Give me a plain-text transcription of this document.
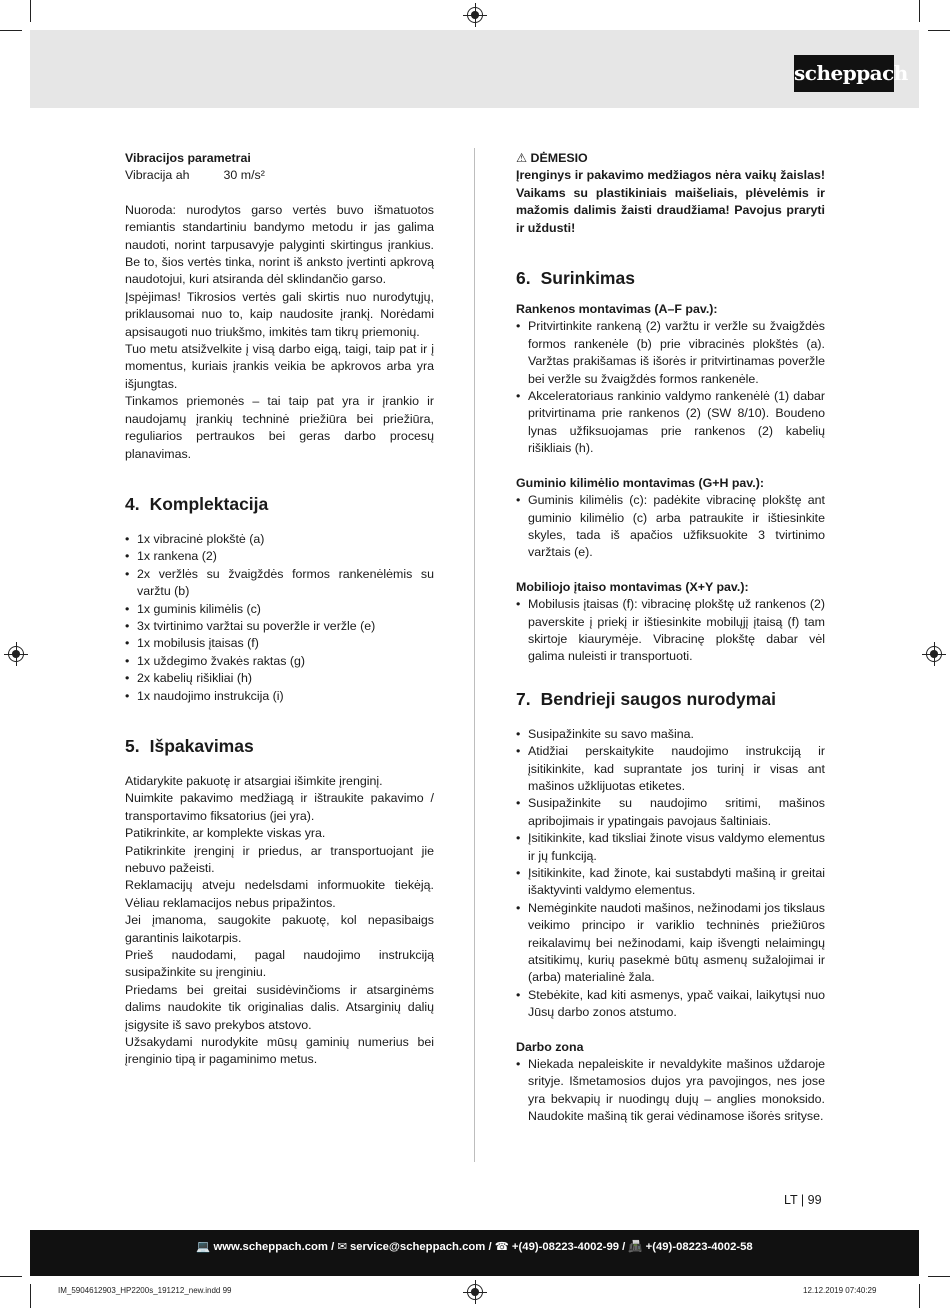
scheppach
Vibracijos parametrai
Vibracija ah	30 m/s²

Nuoroda: nurodytos garso vertės buvo išmatuotos remiantis standartiniu bandymo metodu ir jas galima naudoti, norint tarpusavyje palyginti skirtingus įrankius. Be to, šios vertės tinka, norint iš anksto įvertinti apkrovą naudotojui, kuri atsiranda dėl sklindančio garso.

Įspėjimas! Tikrosios vertės gali skirtis nuo nurodytųjų, priklausomai nuo to, kaip naudosite įrankį. Norėdami apsisaugoti nuo triukšmo, imkitės tam tikrų priemonių.

Tuo metu atsižvelkite į visą darbo eigą, taigi, taip pat ir į momentus, kuriais įrankis veikia be apkrovos arba yra išjungtas.

Tinkamos priemonės – tai taip pat yra ir įrankio ir naudojamų įrankių techninė priežiūra bei priežiūra, reguliarios pertraukos bei geras darbo procesų planavimas.

4. Komplektacija
• 1x vibracinė plokštė (a)
• 1x rankena (2)
• 2x veržlės su žvaigždės formos rankenėlėmis su varžtu (b)
• 1x guminis kilimėlis (c)
• 3x tvirtinimo varžtai su poveržle ir veržle (e)
• 1x mobilusis įtaisas (f)
• 1x uždegimo žvakės raktas (g)
• 2x kabelių rišikliai (h)
• 1x naudojimo instrukcija (i)
5. Išpakavimas

Atidarykite pakuotę ir atsargiai išimkite įrenginį.

Nuimkite pakavimo medžiagą ir ištraukite pakavimo / transportavimo fiksatorius (jei yra).

Patikrinkite, ar komplekte viskas yra.

Patikrinkite įrenginį ir priedus, ar transportuojant jie nebuvo pažeisti.

Reklamacijų atveju nedelsdami informuokite tiekėją. Vėliau reklamacijos nebus pripažintos.

Jei įmanoma, saugokite pakuotę, kol nepasibaigs garantinis laikotarpis.

Prieš naudodami, pagal naudojimo instrukciją susipažinkite su įrenginiu.

Priedams bei greitai susidėvinčioms ir atsarginėms dalims naudokite tik originalias dalis. Atsarginių dalių įsigysite iš savo prekybos atstovo.

Užsakydami nurodykite mūsų gaminių numerius bei įrenginio tipą ir pagaminimo metus.

⚠ DĖMESIO

Įrenginys ir pakavimo medžiagos nėra vaikų žaislas! Vaikams su plastikiniais maišeliais, plėvelėmis ir mažomis dalimis žaisti draudžiama! Pavojus praryti ir uždusti!

6. Surinkimas
Rankenos montavimas (A–F pav.):
• Pritvirtinkite rankeną (2) varžtu ir veržle su žvaigždės formos rankenėle (b) prie vibracinės plokštės (a). Varžtas prakišamas iš išorės ir pritvirtinamas poveržle bei veržle su žvaigždės formos rankenėle.
• Akceleratoriaus rankinio valdymo rankenėlė (1) dabar pritvirtinama prie rankenos (2) (SW 8/10). Boudeno lynas užfiksuojamas prie rankenos (2) kabelių rišikliais (h).
Guminio kilimėlio montavimas (G+H pav.):
• Guminis kilimėlis (c): padėkite vibracinę plokštę ant guminio kilimėlio (c) arba patraukite ir ištiesinkite skyles, tada iš apačios užfiksuokite 3 tvirtinimo varžtais (e).
Mobiliojo įtaiso montavimas (X+Y pav.):
• Mobilusis įtaisas (f): vibracinę plokštę už rankenos (2) paverskite į priekį ir ištiesinkite mobilųjį įtaisą (f) tam skirtoje kiaurymėje. Vibracinę plokštę dabar vėl galima nuleisti ir transportuoti.
7. Bendrieji saugos nurodymai
• Susipažinkite su savo mašina.
• Atidžiai perskaitykite naudojimo instrukciją ir įsitikinkite, kad suprantate jos turinį ir visas ant mašinos užklijuotas etiketes.
• Susipažinkite su naudojimo sritimi, mašinos apribojimais ir ypatingais pavojaus šaltiniais.
• Įsitikinkite, kad tiksliai žinote visus valdymo elementus ir jų funkciją.
• Įsitikinkite, kad žinote, kai sustabdyti mašiną ir greitai išaktyvinti valdymo elementus.
• Nemėginkite naudoti mašinos, nežinodami jos tikslaus veikimo principo ir variklio techninės priežiūros reikalavimų bei nežinodami, kaip išvengti nelaimingų atsitikimų, kurių pasekmė būtų asmenų sužalojimai ir (arba) materialinė žala.
• Stebėkite, kad kiti asmenys, ypač vaikai, laikytųsi nuo Jūsų darbo zonos atstumo.
Darbo zona
• Niekada nepaleiskite ir nevaldykite mašinos uždaroje srityje. Išmetamosios dujos yra pavojingos, nes jose yra bekvapių ir nuodingų dujų – anglies monoksido. Naudokite mašiną tik gerai vėdinamose išorės srityse.
LT | 99
💻 www.scheppach.com / ✉ service@scheppach.com / ☎ +(49)-08223-4002-99 / 📠 +(49)-08223-4002-58
IM_5904612903_HP2200s_191212_new.indd 99	12.12.2019 07:40:29
